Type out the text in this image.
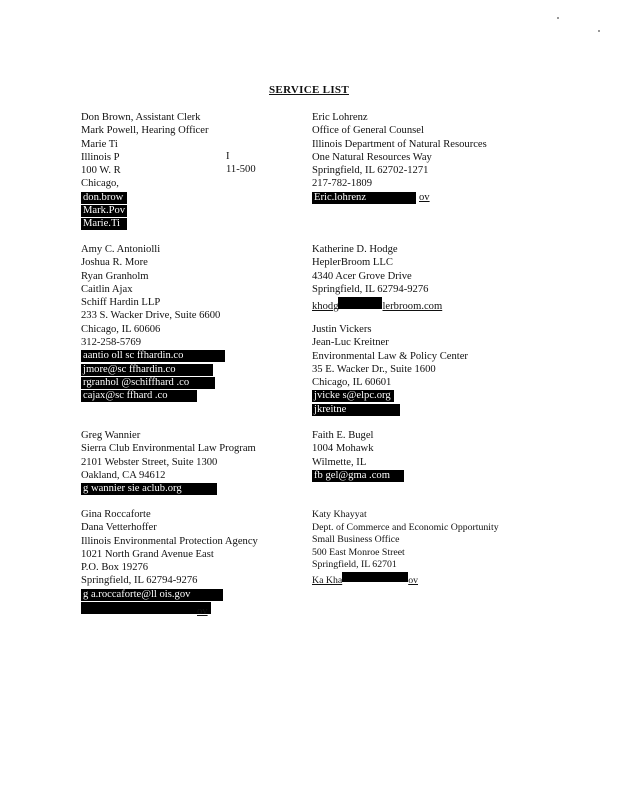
SERVICE LIST
Don Brown, Assistant Clerk
Mark Powell, Hearing Officer
Marie Ti
Illinois P
100 W. R
Chicago,
don.brow
Mark.Pov
Marie.Ti
I
11-500
Eric Lohrenz
Office of General Counsel
Illinois Department of Natural Resources
One Natural Resources Way
Springfield, IL 62702-1271
217-782-1809
Eric.lohrenz	ov
Amy C. Antoniolli
Joshua R. More
Ryan Granholm
Caitlin Ajax
Schiff Hardin LLP
233 S. Wacker Drive, Suite 6600
Chicago, IL 60606
312-258-5769
aantio oll sc ffhardin.co
jmore@sc ffhardin.co
rgranhol @schiffhard .co
cajax@sc ffhard .co
Katherine D. Hodge
HeplerBroom LLC
4340 Acer Grove Drive
Springfield, IL 62794-9276
khodg	lerbroom.com
Justin Vickers
Jean-Luc Kreitner
Environmental Law & Policy Center
35 E. Wacker Dr., Suite 1600
Chicago, IL 60601
jvicke s@elpc.org
jkreitne
Greg Wannier
Sierra Club Environmental Law Program
2101 Webster Street, Suite 1300
Oakland, CA 94612
g wannier sie aclub.org
Faith E. Bugel
1004 Mohawk
Wilmette, IL
fb gel@gma .com
Gina Roccaforte
Dana Vetterhoffer
Illinois Environmental Protection Agency
1021 North Grand Avenue East
P.O. Box 19276
Springfield, IL 62794-9276
g a.roccaforte@ll ois.gov
ov
Katy Khayyat
Dept. of Commerce and Economic Opportunity
Small Business Office
500 East Monroe Street
Springfield, IL 62701
Ka Kha	ov
